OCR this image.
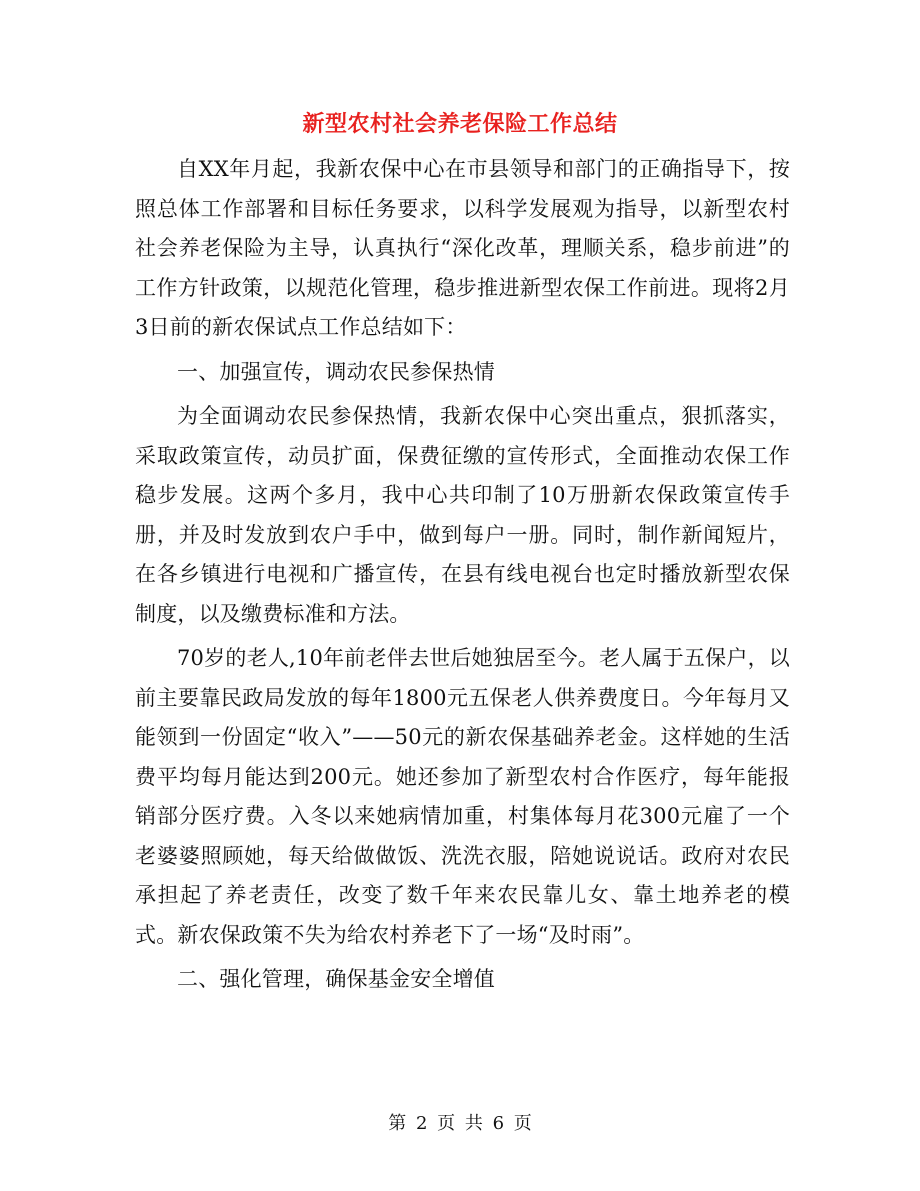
新型农村社会养老保险工作总结

自XX年月起，我新农保中心在市县领导和部门的正确指导下，按照总体工作部署和目标任务要求，以科学发展观为指导，以新型农村社会养老保险为主导，认真执行“深化改革，理顺关系，稳步前进”的工作方针政策，以规范化管理，稳步推进新型农保工作前进。现将2月3日前的新农保试点工作总结如下：

一、加强宣传，调动农民参保热情

为全面调动农民参保热情，我新农保中心突出重点，狠抓落实，采取政策宣传，动员扩面，保费征缴的宣传形式，全面推动农保工作稳步发展。这两个多月，我中心共印制了10万册新农保政策宣传手册，并及时发放到农户手中，做到每户一册。同时，制作新闻短片，在各乡镇进行电视和广播宣传，在县有线电视台也定时播放新型农保制度，以及缴费标准和方法。

70岁的老人,10年前老伴去世后她独居至今。老人属于五保户，以前主要靠民政局发放的每年1800元五保老人供养费度日。今年每月又能领到一份固定“收入”——50元的新农保基础养老金。这样她的生活费平均每月能达到200元。她还参加了新型农村合作医疗，每年能报销部分医疗费。入冬以来她病情加重，村集体每月花300元雇了一个老婆婆照顾她，每天给做做饭、洗洗衣服，陪她说说话。政府对农民承担起了养老责任，改变了数千年来农民靠儿女、靠土地养老的模式。新农保政策不失为给农村养老下了一场“及时雨”。

二、强化管理，确保基金安全增值

第 2 页 共 6 页
